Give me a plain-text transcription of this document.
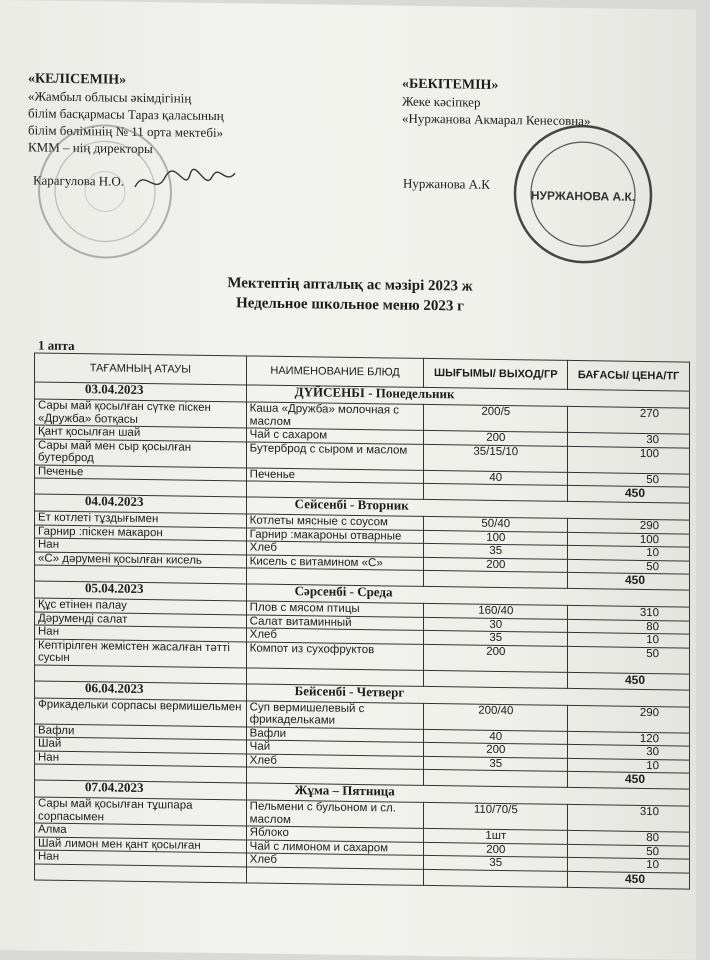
«КЕЛІСЕМІН»
«Жамбыл облысы әкімдігінің
білім басқармасы Тараз қаласының
білім бөлімінің № 11 орта мектебі»
КММ – нің директоры
Карагулова Н.О.
«БЕКІТЕМІН»
Жеке кәсіпкер
«Нуржанова Акмарал Кенесовна»
Нуржанова А.К
НУРЖАНОВА А.К.
Мектептің апталық ас мәзірі 2023 ж
Недельное школьное меню 2023 г
1 апта
ТАҒАМНЫҢ АТАУЫ	НАИМЕНОВАНИЕ БЛЮД	ШЫҒЫМЫ/ ВЫХОД/ГР	БАҒАСЫ/ ЦЕНА/ТГ
03.04.2023	ДҮЙСЕНБІ - Понедельник		
Сары май қосылған сүтке піскен «Дружба» ботқасы	Каша «Дружба» молочная с маслом	200/5	270
Қант қосылған шай	Чай с сахаром	200	30
Сары май мен сыр қосылған бутерброд	Бутерброд с сыром и маслом	35/15/10	100
Печенье	Печенье	40	50
			450
04.04.2023	Сейсенбі - Вторник		
Ет котлеті тұздығымен	Котлеты мясные с соусом	50/40	290
Гарнир :піскен макарон	Гарнир :макароны отварные	100	100
Нан	Хлеб	35	10
«С» дәрумені қосылған кисель	Кисель с витамином «С»	200	50
			450
05.04.2023	Сәрсенбі - Среда		
Құс етінен палау	Плов с мясом птицы	160/40	310
Дәруменді салат	Салат витаминный	30	80
Нан	Хлеб	35	10
Кептірілген жемістен жасалған тәтті сусын	Компот из сухофруктов	200	50
			450
06.04.2023	Бейсенбі - Четверг		
Фрикадельки сорпасы вермишельмен	Суп вермишелевый с фрикадельками	200/40	290
Вафли	Вафли	40	120
Шай	Чай	200	30
Нан	Хлеб	35	10
			450
07.04.2023	Жұма – Пятница		
Сары май қосылған тұшпара сорпасымен	Пельмени с бульоном и сл. маслом	110/70/5	310
Алма	Яблоко	1шт	80
Шай лимон мен қант қосылған	Чай с лимоном и сахаром	200	50
Нан	Хлеб	35	10
			450
